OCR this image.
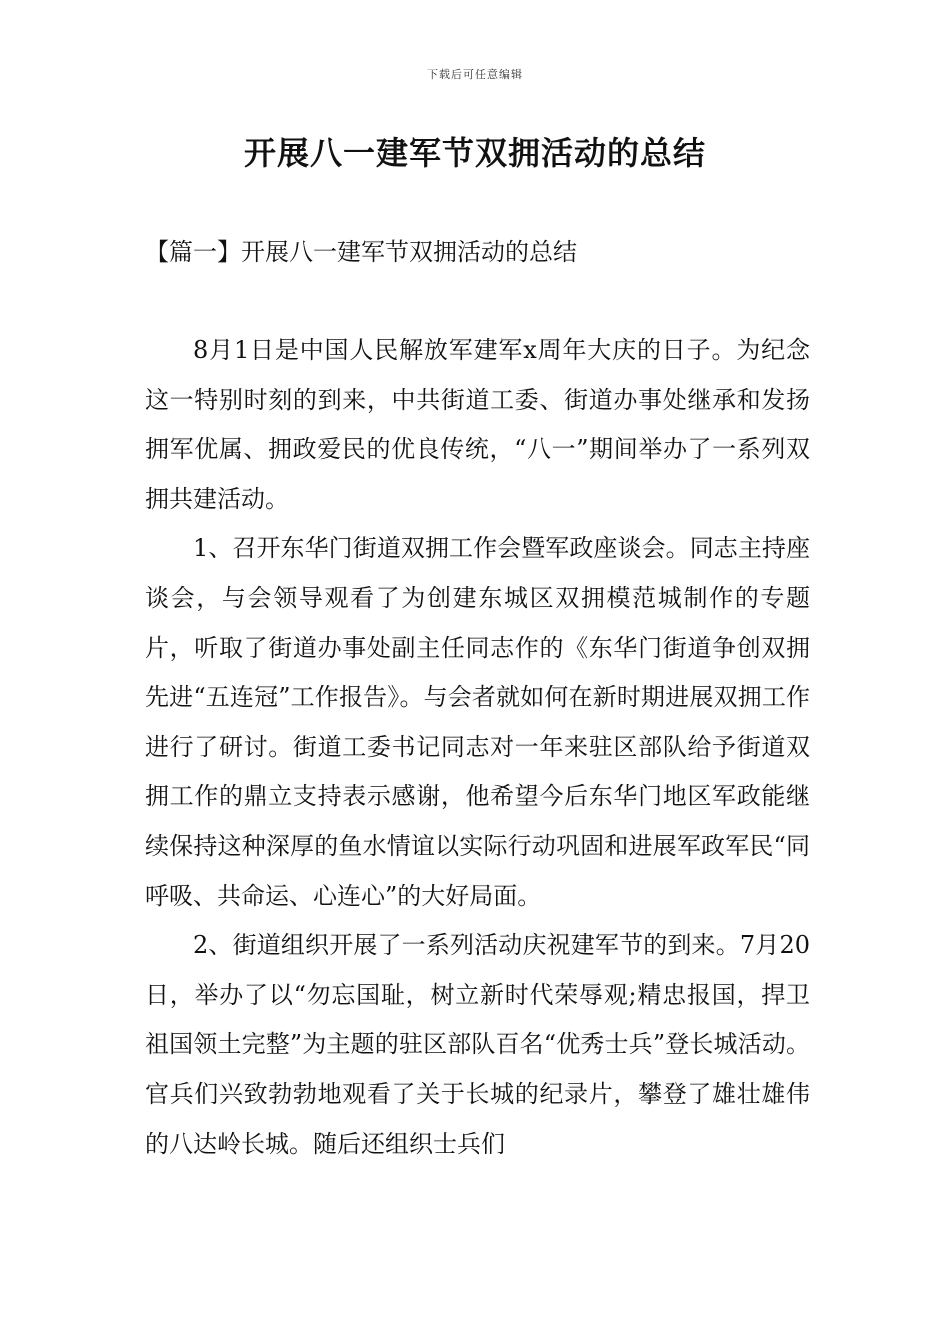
下载后可任意编辑
开展八一建军节双拥活动的总结
【篇一】开展八一建军节双拥活动的总结

8月1日是中国人民解放军建军x周年大庆的日子。为纪念这一特别时刻的到来，中共街道工委、街道办事处继承和发扬拥军优属、拥政爱民的优良传统，“八一”期间举办了一系列双拥共建活动。

1、召开东华门街道双拥工作会暨军政座谈会。同志主持座谈会，与会领导观看了为创建东城区双拥模范城制作的专题片，听取了街道办事处副主任同志作的《东华门街道争创双拥先进“五连冠”工作报告》。与会者就如何在新时期进展双拥工作进行了研讨。街道工委书记同志对一年来驻区部队给予街道双拥工作的鼎立支持表示感谢，他希望今后东华门地区军政能继续保持这种深厚的鱼水情谊以实际行动巩固和进展军政军民“同呼吸、共命运、心连心”的大好局面。

2、街道组织开展了一系列活动庆祝建军节的到来。7月20日，举办了以“勿忘国耻，树立新时代荣辱观;精忠报国，捍卫祖国领土完整”为主题的驻区部队百名“优秀士兵”登长城活动。官兵们兴致勃勃地观看了关于长城的纪录片，攀登了雄壮雄伟的八达岭长城。随后还组织士兵们
